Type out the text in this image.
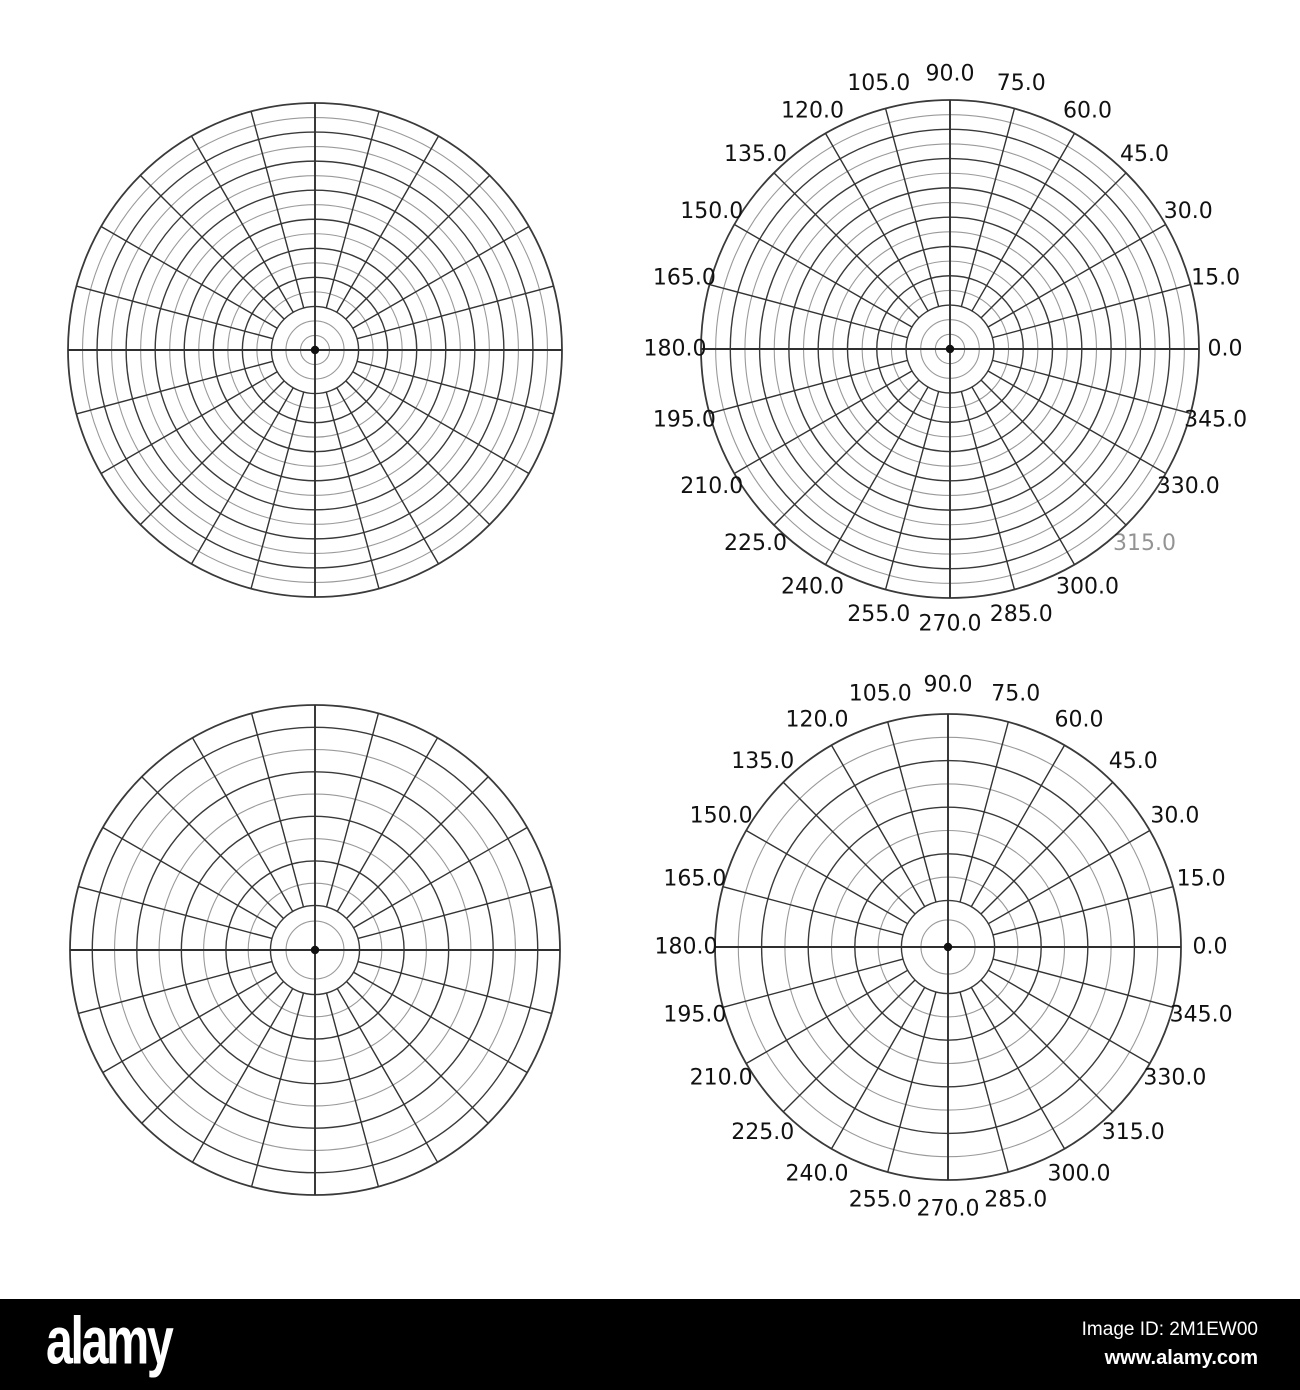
0.0
15.0
30.0
45.0
60.0
75.0
90.0
105.0
120.0
135.0
150.0
165.0
180.0
195.0
210.0
225.0
240.0
255.0 270.0 285.0
300.0
315.0
330.0
345.0
0.0
15.0
30.0
45.0
60.0
75.0
90.0
105.0
120.0
135.0
150.0
165.0
180.0
195.0
210.0
225.0
240.0
255.0 270.0 285.0
300.0
315.0
330.0
345.0
alamy	Image ID: 2M1EW00
www.alamy.com
